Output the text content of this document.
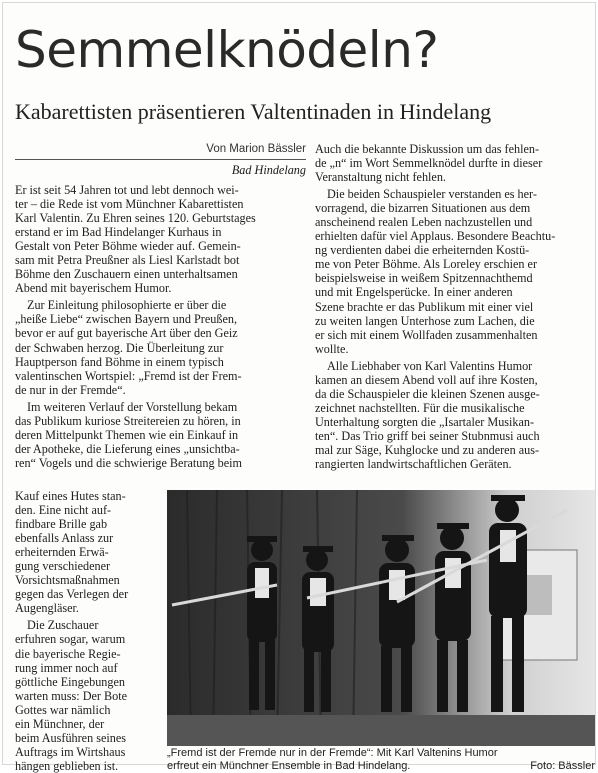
Semmelknödeln?
Kabarettisten präsentieren Valtentinaden in Hindelang
Von Marion Bässler
Bad Hindelang

Er ist seit 54 Jahren tot und lebt dennoch wei-
ter – die Rede ist vom Münchner Kabarettisten
Karl Valentin. Zu Ehren seines 120. Geburtstages
erstand er im Bad Hindelanger Kurhaus in
Gestalt von Peter Böhme wieder auf. Gemein-
sam mit Petra Preußner als Liesl Karlstadt bot
Böhme den Zuschauern einen unterhaltsamen
Abend mit bayerischem Humor.

Zur Einleitung philosophierte er über die
„heiße Liebe“ zwischen Bayern und Preußen,
bevor er auf gut bayerische Art über den Geiz
der Schwaben herzog. Die Überleitung zur
Hauptperson fand Böhme in einem typisch
valentinschen Wortspiel: „Fremd ist der Frem-
de nur in der Fremde“.

Im weiteren Verlauf der Vorstellung bekam
das Publikum kuriose Streitereien zu hören, in
deren Mittelpunkt Themen wie ein Einkauf in
der Apotheke, die Lieferung eines „unsichtba-
ren“ Vogels und die schwierige Beratung beim

Kauf eines Hutes stan-
den. Eine nicht auf-
findbare Brille gab
ebenfalls Anlass zur
erheiternden Erwä-
gung verschiedener
Vorsichtsmaßnahmen
gegen das Verlegen der
Augengläser.

Die Zuschauer
erfuhren sogar, warum
die bayerische Regie-
rung immer noch auf
göttliche Eingebungen
warten muss: Der Bote
Gottes war nämlich
ein Münchner, der
beim Ausführen seines
Auftrags im Wirtshaus
hängen geblieben ist.

Auch die bekannte Diskussion um das fehlen-
de „n“ im Wort Semmelknödel durfte in dieser
Veranstaltung nicht fehlen.

Die beiden Schauspieler verstanden es her-
vorragend, die bizarren Situationen aus dem
anscheinend realen Leben nachzustellen und
erhielten dafür viel Applaus. Besondere Beachtu-
ng verdienten dabei die erheiternden Kostü-
me von Peter Böhme. Als Loreley erschien er
beispielsweise in weißem Spitzennachthemd
und mit Engelsperücke. In einer anderen
Szene brachte er das Publikum mit einer viel
zu weiten langen Unterhose zum Lachen, die
er sich mit einem Wollfaden zusammenhalten
wollte.

Alle Liebhaber von Karl Valentins Humor
kamen an diesem Abend voll auf ihre Kosten,
da die Schauspieler die kleinen Szenen ausge-
zeichnet nachstellten. Für die musikalische
Unterhaltung sorgten die „Isartaler Musikan-
ten“. Das Trio griff bei seiner Stubnmusi auch
mal zur Säge, Kuhglocke und zu anderen aus-
rangierten landwirtschaftlichen Geräten.

„Fremd ist der Fremde nur in der Fremde“: Mit Karl Valtenins Humor
erfreut ein Münchner Ensemble in Bad Hindelang.	Foto: Bässler
